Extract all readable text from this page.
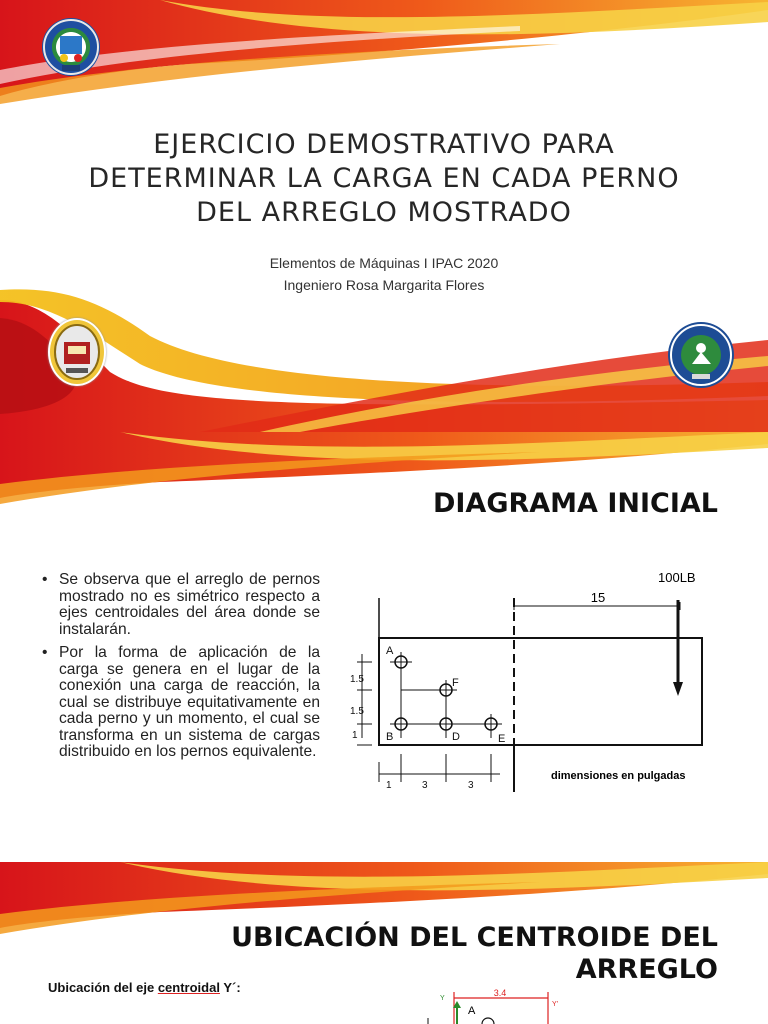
EJERCICIO DEMOSTRATIVO PARA DETERMINAR LA CARGA EN CADA PERNO DEL ARREGLO MOSTRADO
Elementos de Máquinas I IPAC 2020
Ingeniero Rosa Margarita Flores
DIAGRAMA INICIAL
• Se observa que el arreglo de pernos mostrado no es simétrico respecto a ejes centroidales del área donde se instalarán.
• Por la forma de aplicación de la carga se genera en el lugar de la conexión una carga de reacción, la cual se distribuye equitativamente en cada perno y un momento, el cual se transforma en un sistema de cargas distribuido en los pernos equivalente.
15
100LB
A
F
B	D	E
1.5
1.5
1
1	3	3
dimensiones en pulgadas
UBICACIÓN DEL CENTROIDE DEL ARREGLO
Ubicación del eje centroidal Y´:	3.4
Y
Y'
A
